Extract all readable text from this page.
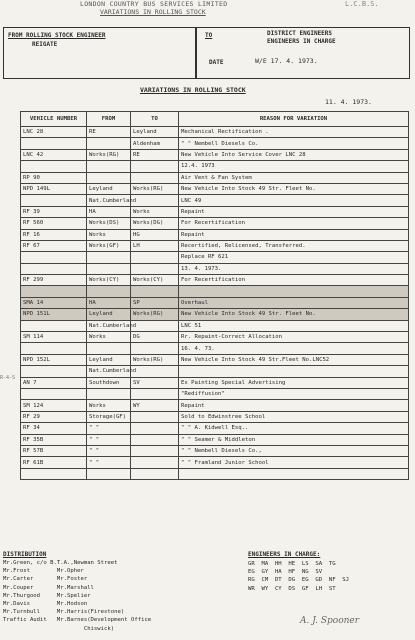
LONDON COUNTRY BUS SERVICES LIMITED
VARIATIONS IN ROLLING STOCK
L.C.B.S.
FROM ROLLING STOCK ENGINEER
REIGATE
TO	DISTRICT ENGINEERS
ENGINEERS IN CHARGE
DATE	W/E 17. 4. 1973.
VARIATIONS IN ROLLING STOCK
11. 4. 1973.
VEHICLE NUMBER	FROM	TO	REASON FOR VARIATION
LNC 28	RE	Leyland	Mechanical Rectification .
		Aldenham	" " Nembell Diesels Co.
LNC 42	Works(RG)	RE	New Vehicle Into Service Cover LNC 28
			12.4. 1973
RP 90			Air Vent & Fan System
NPD 149L	Leyland	Works(RG)	New Vehicle Into Stock 49 Str. Fleet No.
	Nat.Cumberland		LNC 49
RF 39	HA	Works	Repaint
RF 560	Works(DS)	Works(DG)	For Recertification
RF 16	Works	HG	Repaint
RF 67	Works(GF)	LH	Recertified, Relicensed, Transferred.
			Replace RF 621
			13. 4. 1973.
RF 299	Works(CY)	Works(CY)	For Recertification

SMA 14	HA	SP	Overhaul
NPD 151L	Leyland	Works(RG)	New Vehicle Into Stock 49 Str. Fleet No.
	Nat.Cumberland		LNC 51
SM 114	Works	DG	Rr. Repaint-Correct Allocation
			16. 4. 73.
NPD 152L	Leyland	Works(RG)	New Vehicle Into Stock 49 Str.Fleet No.LNC52
	Nat.Cumberland		
AN 7	Southdown	SV	Ex Painting Special Advertising
			"Rediffusion"
SM 124	Works	WY	Repaint
RF 29	Storage(GF)		Sold to Edwinstree School
RF 34	" "		" " A. Kidwell Esq..
RF 35B	" "		" " Seamer & Middleton
RF 57B	" "		" " Nembell Diesels Co.,
RF 61B	" "		" " Framland Junior School

R-4-S
DISTRIBUTION
Mr.Green, c/o B.T.A.,Newman Street
Mr.Frost        Mr.Opher
Mr.Carter       Mr.Foster
Mr.Couper       Mr.Marshall
Mr.Thurgood     Mr.Spelier
Mr.Davis        Mr.Hodson
Mr.Turnbull     Mr.Harris(Firestone)
Traffic Audit   Mr.Barnes(Development Office
Chiswick)
ENGINEERS IN CHARGE:
GR  MA  HH  HE  LS  SA  TG
EG  GY  HA  HF  NG  SV
RG  CM  DT  DG  EG  GD  NF  SJ
WR  WY  CY  DS  GF  LH  ST
A. J. Spooner
